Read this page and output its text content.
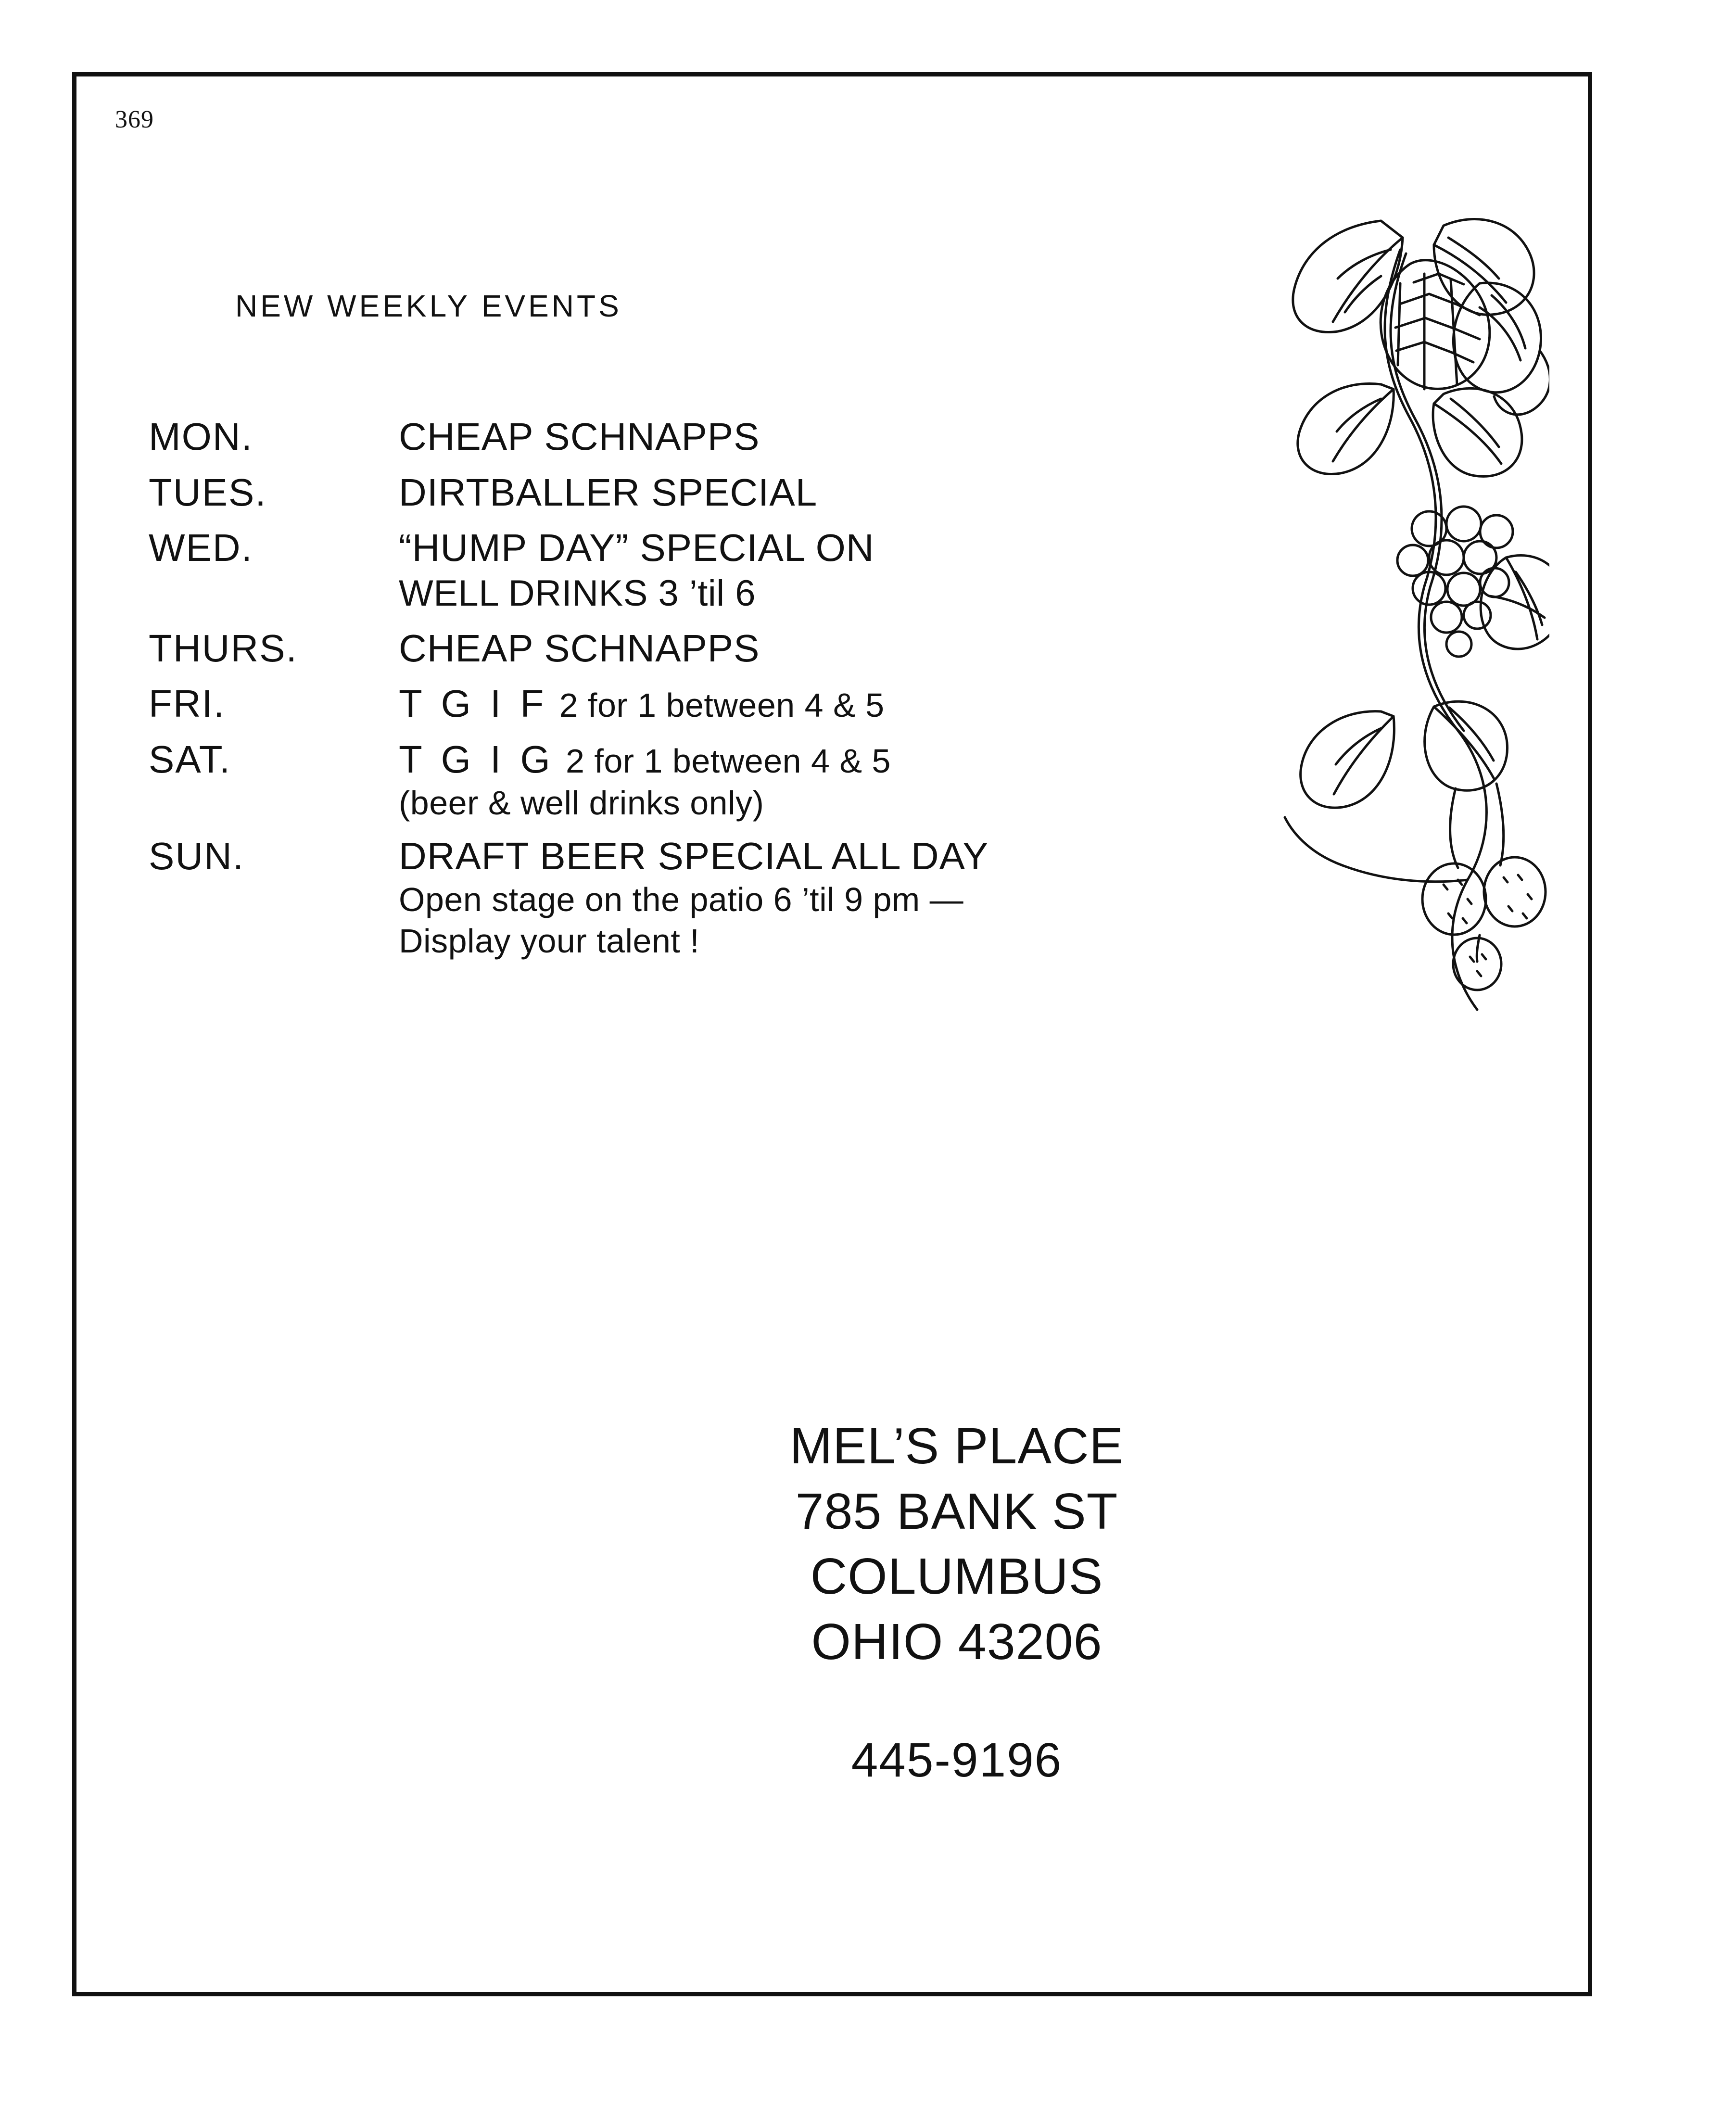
369
NEW WEEKLY EVENTS
MON.	CHEAP SCHNAPPS
TUES.	DIRTBALLER SPECIAL
WED.	“HUMP DAY” SPECIAL ON
WELL DRINKS 3 ’til 6
THURS.	CHEAP SCHNAPPS
FRI.	T G I F 2 for 1 between 4 & 5
SAT.	T G I G 2 for 1 between 4 & 5
(beer & well drinks only)
SUN.	DRAFT BEER SPECIAL ALL DAY
Open stage on the patio 6 ’til 9 pm —
Display your talent !
MEL’S PLACE
785 BANK ST
COLUMBUS
OHIO 43206
445-9196
